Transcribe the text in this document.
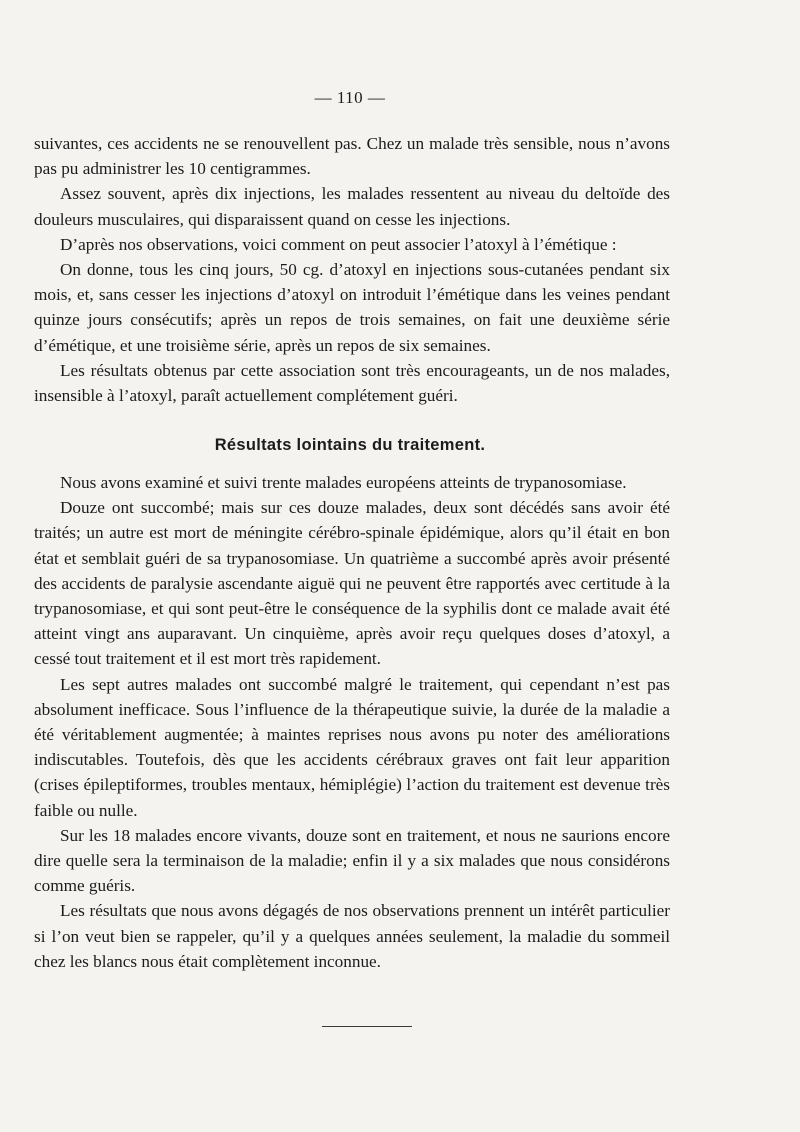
— 110 —

suivantes, ces accidents ne se renouvellent pas. Chez un malade très sensible, nous n’avons pas pu administrer les 10 centigrammes.

Assez souvent, après dix injections, les malades ressentent au niveau du deltoïde des douleurs musculaires, qui disparaissent quand on cesse les injections.

D’après nos observations, voici comment on peut associer l’atoxyl à l’émétique :

On donne, tous les cinq jours, 50 cg. d’atoxyl en injections sous-cutanées pendant six mois, et, sans cesser les injections d’atoxyl on introduit l’émétique dans les veines pendant quinze jours consécutifs; après un repos de trois semaines, on fait une deuxième série d’émétique, et une troisième série, après un repos de six semaines.

Les résultats obtenus par cette association sont très encourageants, un de nos malades, insensible à l’atoxyl, paraît actuellement complétement guéri.

Résultats lointains du traitement.

Nous avons examiné et suivi trente malades européens atteints de trypanosomiase.

Douze ont succombé; mais sur ces douze malades, deux sont décédés sans avoir été traités; un autre est mort de méningite cérébro-spinale épidémique, alors qu’il était en bon état et semblait guéri de sa trypanosomiase. Un quatrième a succombé après avoir présenté des accidents de paralysie ascendante aiguë qui ne peuvent être rapportés avec certitude à la trypanosomiase, et qui sont peut-être le conséquence de la syphilis dont ce malade avait été atteint vingt ans auparavant. Un cinquième, après avoir reçu quelques doses d’atoxyl, a cessé tout traitement et il est mort très rapidement.

Les sept autres malades ont succombé malgré le traitement, qui cependant n’est pas absolument inefficace. Sous l’influence de la thérapeutique suivie, la durée de la maladie a été véritablement augmentée; à maintes reprises nous avons pu noter des améliorations indiscutables. Toutefois, dès que les accidents cérébraux graves ont fait leur apparition (crises épileptiformes, troubles mentaux, hémiplégie) l’action du traitement est devenue très faible ou nulle.

Sur les 18 malades encore vivants, douze sont en traitement, et nous ne saurions encore dire quelle sera la terminaison de la maladie; enfin il y a six malades que nous considérons comme guéris.

Les résultats que nous avons dégagés de nos observations prennent un intérêt particulier si l’on veut bien se rappeler, qu’il y a quelques années seulement, la maladie du sommeil chez les blancs nous était complètement inconnue.
